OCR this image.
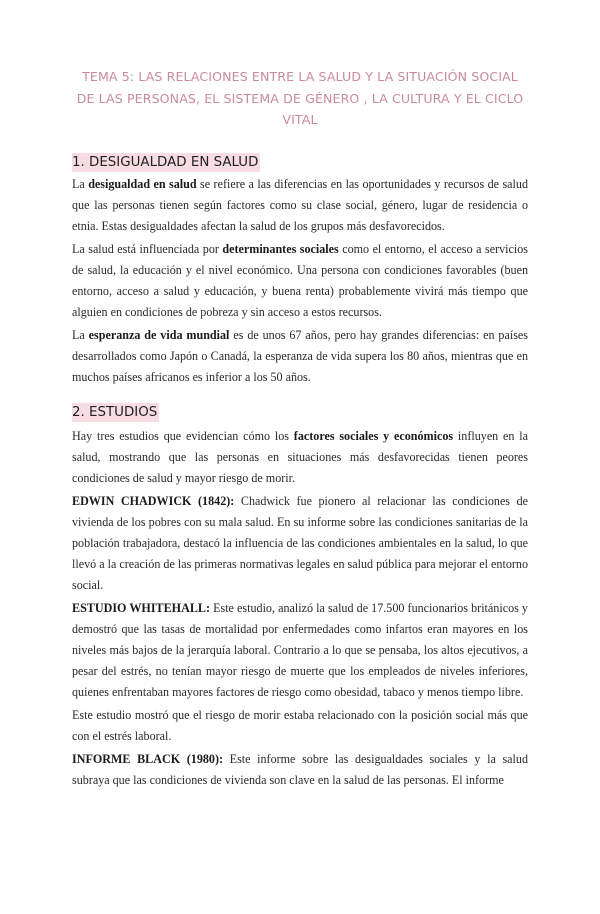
TEMA 5: LAS RELACIONES ENTRE LA SALUD Y LA SITUACIÓN SOCIAL DE LAS PERSONAS, EL SISTEMA DE GÉNERO , LA CULTURA Y EL CICLO VITAL
1. DESIGUALDAD EN SALUD

La desigualdad en salud se refiere a las diferencias en las oportunidades y recursos de salud que las personas tienen según factores como su clase social, género, lugar de residencia o etnia. Estas desigualdades afectan la salud de los grupos más desfavorecidos.

La salud está influenciada por determinantes sociales como el entorno, el acceso a servicios de salud, la educación y el nivel económico. Una persona con condiciones favorables (buen entorno, acceso a salud y educación, y buena renta) probablemente vivirá más tiempo que alguien en condiciones de pobreza y sin acceso a estos recursos.

La esperanza de vida mundial es de unos 67 años, pero hay grandes diferencias: en países desarrollados como Japón o Canadá, la esperanza de vida supera los 80 años, mientras que en muchos países africanos es inferior a los 50 años.

2. ESTUDIOS

Hay tres estudios que evidencian cómo los factores sociales y económicos influyen en la salud, mostrando que las personas en situaciones más desfavorecidas tienen peores condiciones de salud y mayor riesgo de morir.

EDWIN CHADWICK (1842): Chadwick fue pionero al relacionar las condiciones de vivienda de los pobres con su mala salud. En su informe sobre las condiciones sanitarias de la población trabajadora, destacó la influencia de las condiciones ambientales en la salud, lo que llevó a la creación de las primeras normativas legales en salud pública para mejorar el entorno social.

ESTUDIO WHITEHALL: Este estudio, analizó la salud de 17.500 funcionarios británicos y demostró que las tasas de mortalidad por enfermedades como infartos eran mayores en los niveles más bajos de la jerarquía laboral. Contrario a lo que se pensaba, los altos ejecutivos, a pesar del estrés, no tenían mayor riesgo de muerte que los empleados de niveles inferiores, quienes enfrentaban mayores factores de riesgo como obesidad, tabaco y menos tiempo libre.

Este estudio mostró que el riesgo de morir estaba relacionado con la posición social más que con el estrés laboral.

INFORME BLACK (1980): Este informe sobre las desigualdades sociales y la salud subraya que las condiciones de vivienda son clave en la salud de las personas. El informe
